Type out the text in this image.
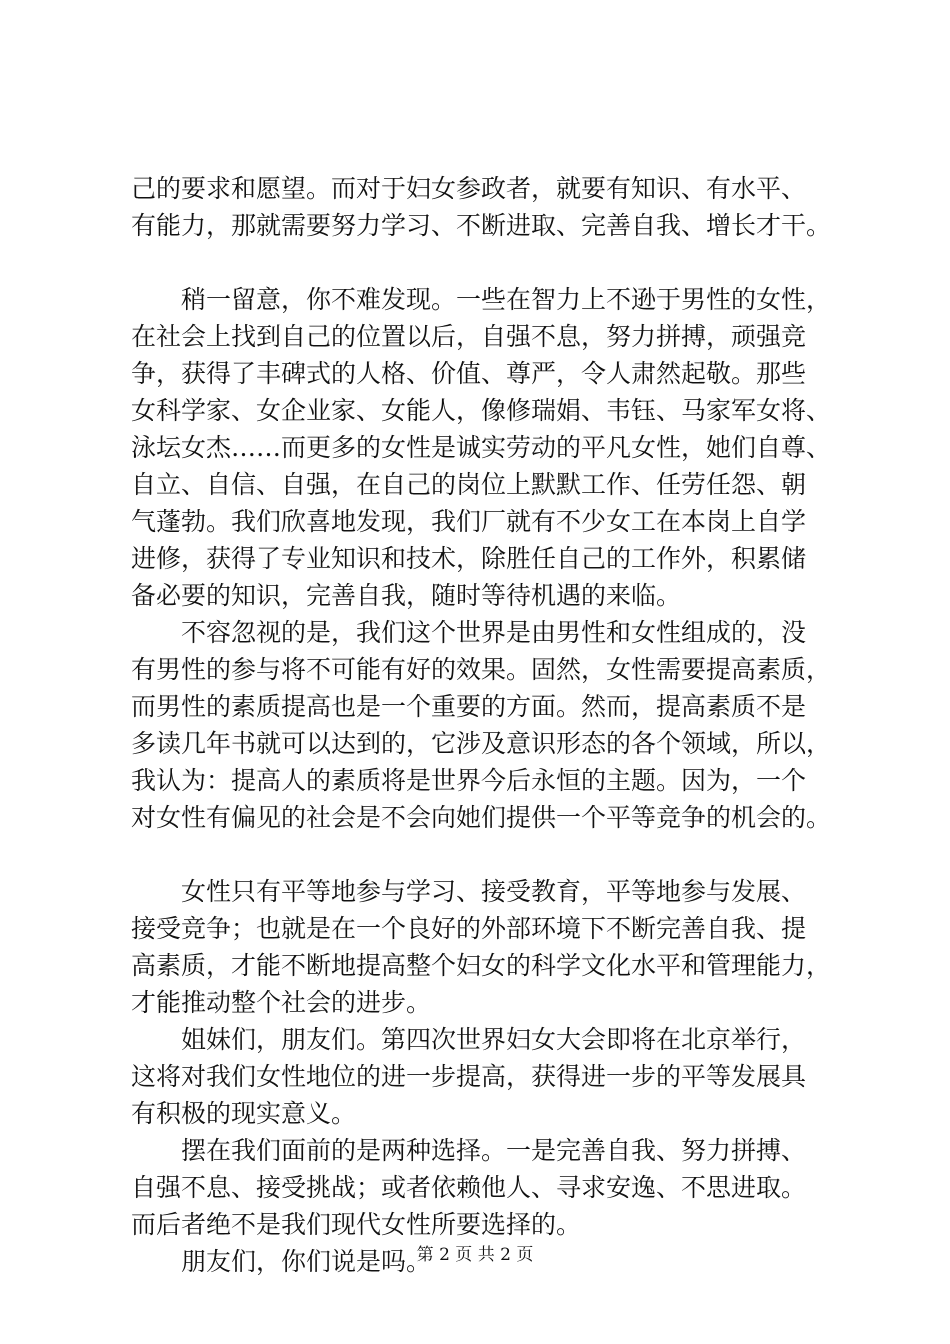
己的要求和愿望。而对于妇女参政者，就要有知识、有水平、
有能力，那就需要努力学习、不断进取、完善自我、增长才干。
　　稍一留意，你不难发现。一些在智力上不逊于男性的女性，
在社会上找到自己的位置以后，自强不息，努力拼搏，顽强竞
争，获得了丰碑式的人格、价值、尊严，令人肃然起敬。那些
女科学家、女企业家、女能人，像修瑞娟、韦钰、马家军女将、
泳坛女杰……而更多的女性是诚实劳动的平凡女性，她们自尊、
自立、自信、自强，在自己的岗位上默默工作、任劳任怨、朝
气蓬勃。我们欣喜地发现，我们厂就有不少女工在本岗上自学
进修，获得了专业知识和技术，除胜任自己的工作外，积累储
备必要的知识，完善自我，随时等待机遇的来临。
　　不容忽视的是，我们这个世界是由男性和女性组成的，没
有男性的参与将不可能有好的效果。固然，女性需要提高素质，
而男性的素质提高也是一个重要的方面。然而，提高素质不是
多读几年书就可以达到的，它涉及意识形态的各个领域，所以，
我认为：提高人的素质将是世界今后永恒的主题。因为，一个
对女性有偏见的社会是不会向她们提供一个平等竞争的机会的。
　　女性只有平等地参与学习、接受教育，平等地参与发展、
接受竞争；也就是在一个良好的外部环境下不断完善自我、提
高素质，才能不断地提高整个妇女的科学文化水平和管理能力，
才能推动整个社会的进步。
　　姐妹们，朋友们。第四次世界妇女大会即将在北京举行，
这将对我们女性地位的进一步提高，获得进一步的平等发展具
有积极的现实意义。
　　摆在我们面前的是两种选择。一是完善自我、努力拼搏、
自强不息、接受挑战；或者依赖他人、寻求安逸、不思进取。
而后者绝不是我们现代女性所要选择的。
　　朋友们，你们说是吗。
第 2 页 共 2 页
